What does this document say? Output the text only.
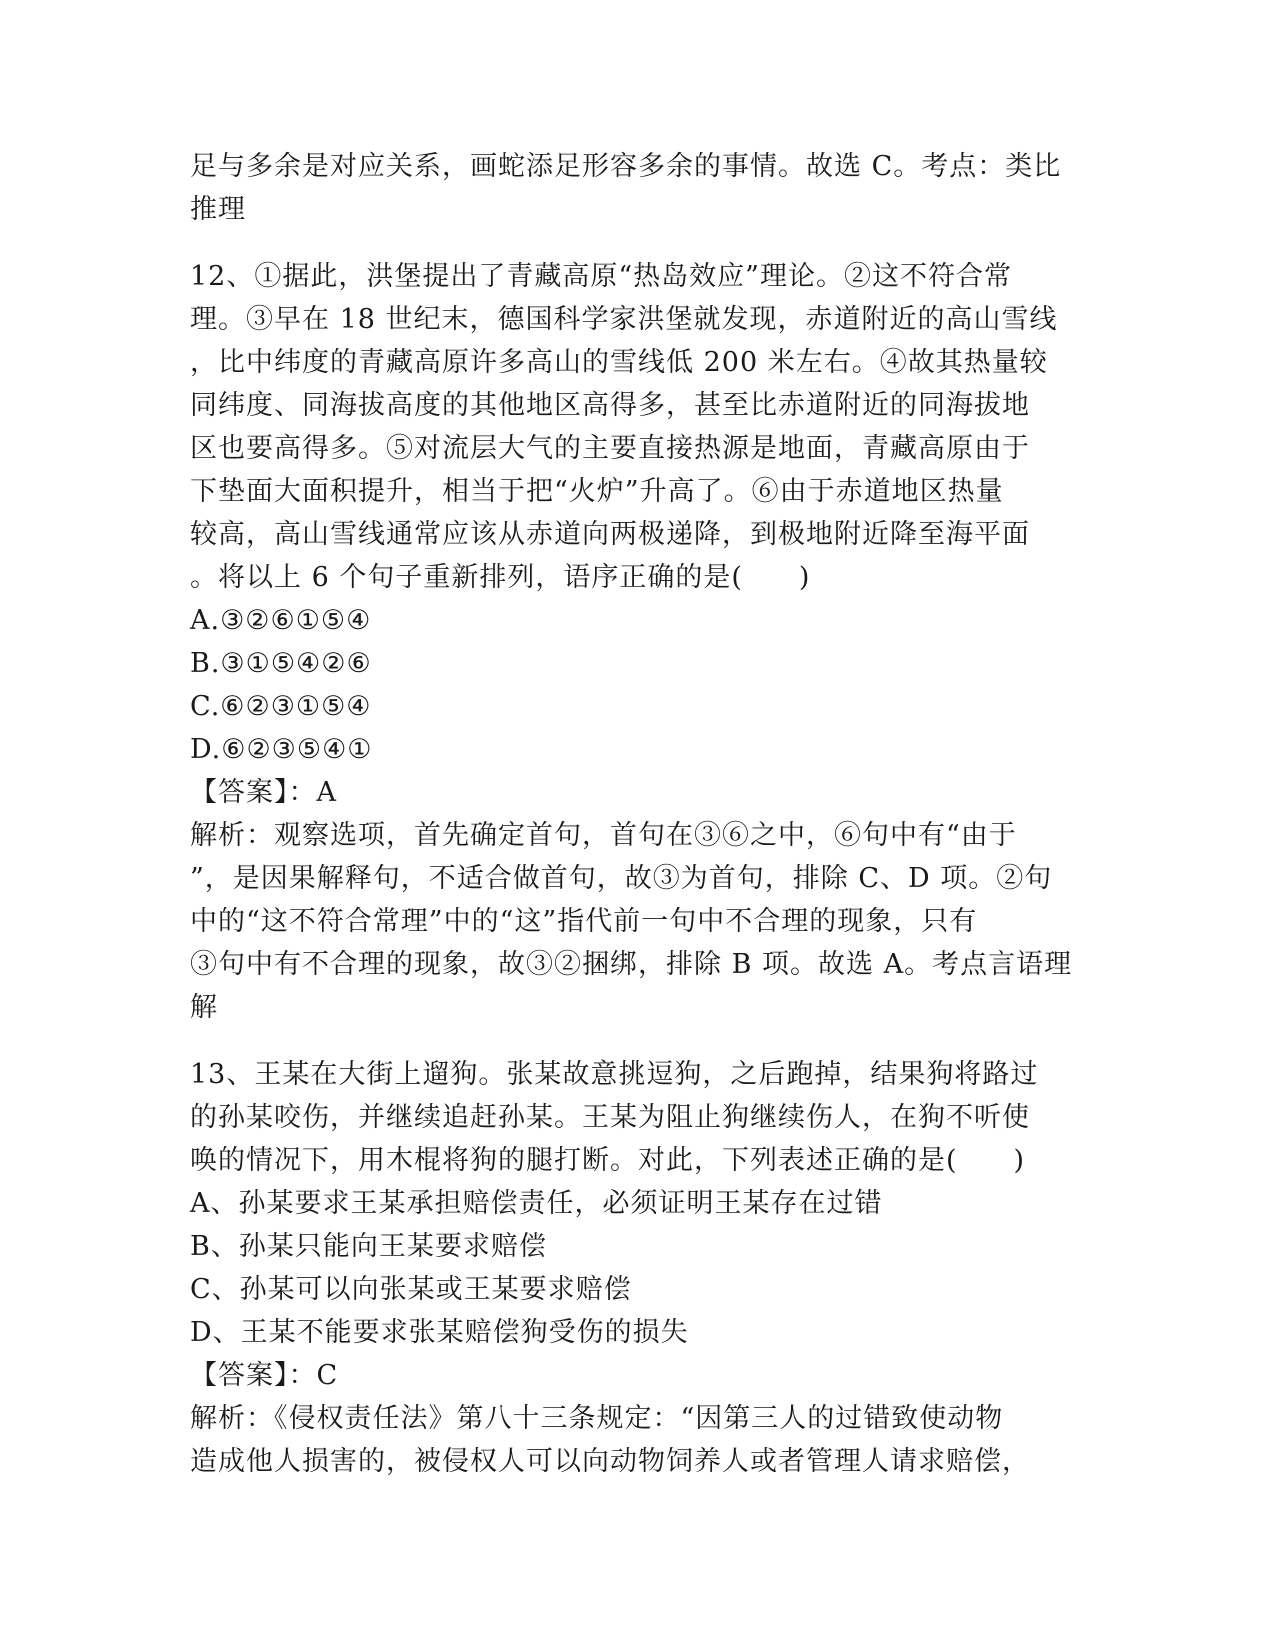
足与多余是对应关系，画蛇添足形容多余的事情。故选 C。考点：类比
推理
12、①据此，洪堡提出了青藏高原“热岛效应”理论。②这不符合常
理。③早在 18 世纪末，德国科学家洪堡就发现，赤道附近的高山雪线
，比中纬度的青藏高原许多高山的雪线低 200 米左右。④故其热量较
同纬度、同海拔高度的其他地区高得多，甚至比赤道附近的同海拔地
区也要高得多。⑤对流层大气的主要直接热源是地面，青藏高原由于
下垫面大面积提升，相当于把“火炉”升高了。⑥由于赤道地区热量
较高，高山雪线通常应该从赤道向两极递降，到极地附近降至海平面
。将以上 6 个句子重新排列，语序正确的是(　　)
A.③②⑥①⑤④
B.③①⑤④②⑥
C.⑥②③①⑤④
D.⑥②③⑤④①
【答案】：A
解析：观察选项，首先确定首句，首句在③⑥之中，⑥句中有“由于
”，是因果解释句，不适合做首句，故③为首句，排除 C、D 项。②句
中的“这不符合常理”中的“这”指代前一句中不合理的现象，只有
③句中有不合理的现象，故③②捆绑，排除 B 项。故选 A。考点言语理
解
13、王某在大街上遛狗。张某故意挑逗狗，之后跑掉，结果狗将路过
的孙某咬伤，并继续追赶孙某。王某为阻止狗继续伤人，在狗不听使
唤的情况下，用木棍将狗的腿打断。对此，下列表述正确的是(　　)
A、孙某要求王某承担赔偿责任，必须证明王某存在过错
B、孙某只能向王某要求赔偿
C、孙某可以向张某或王某要求赔偿
D、王某不能要求张某赔偿狗受伤的损失
【答案】：C
解析：《侵权责任法》第八十三条规定：“因第三人的过错致使动物
造成他人损害的，被侵权人可以向动物饲养人或者管理人请求赔偿，
